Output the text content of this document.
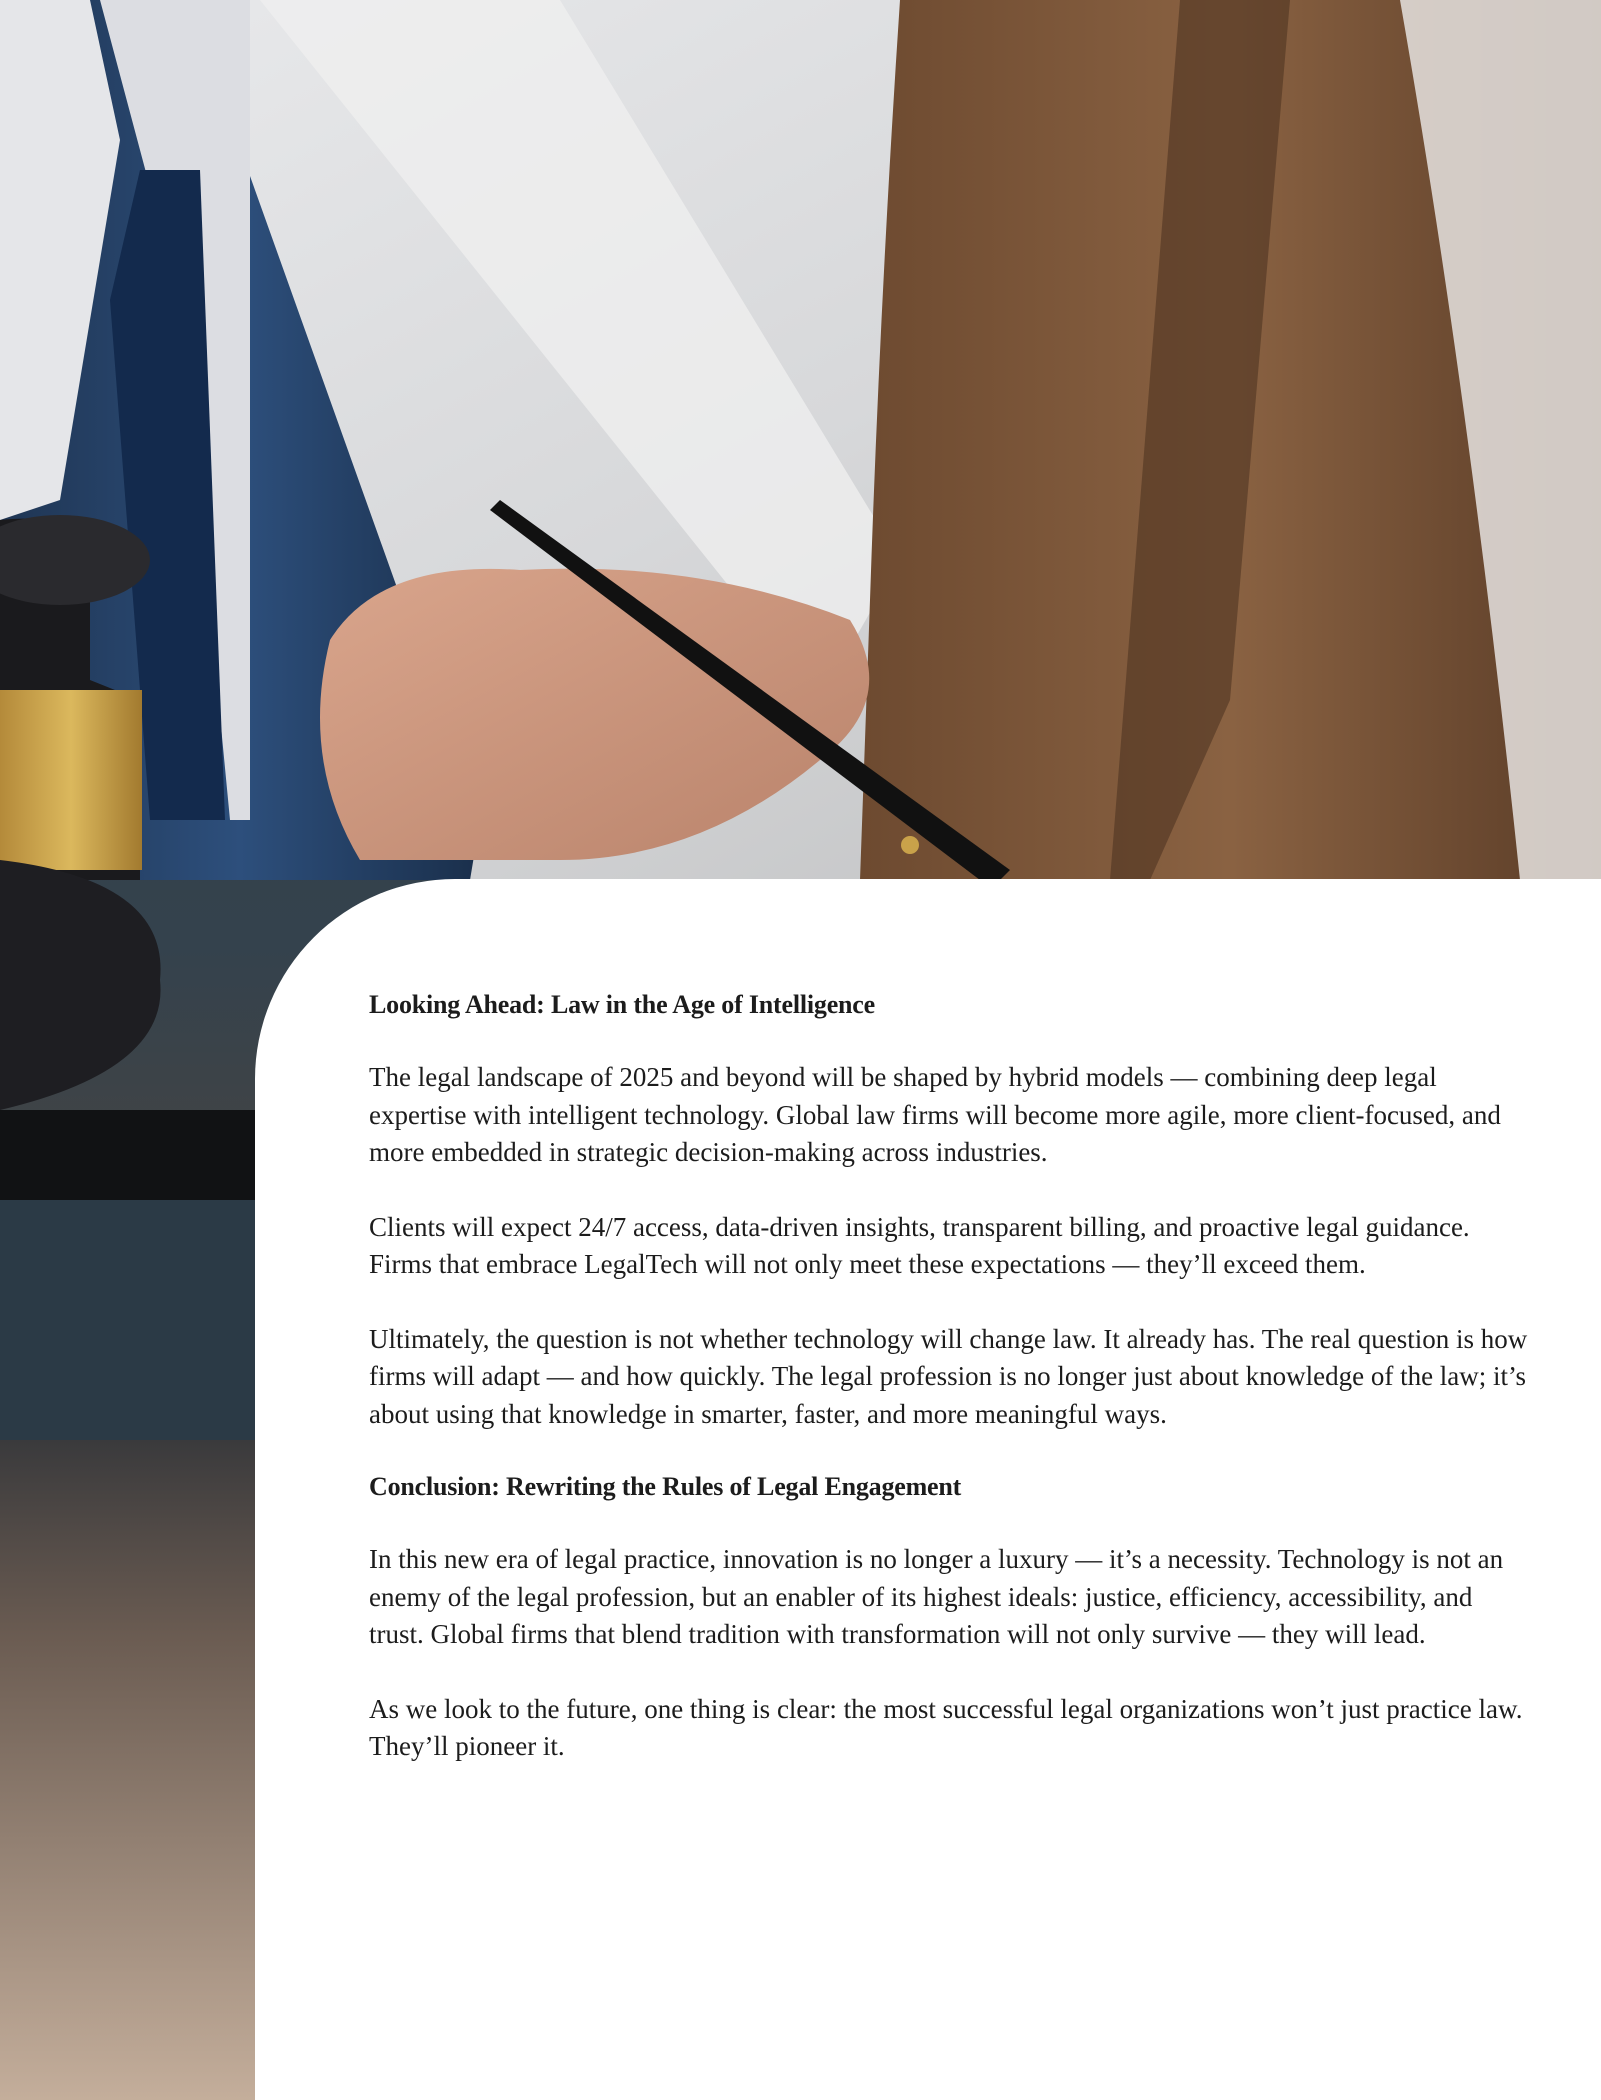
Looking Ahead: Law in the Age of Intelligence

The legal landscape of 2025 and beyond will be shaped by hybrid models — combining deep legal expertise with intelligent technology. Global law firms will become more agile, more client-focused, and more embedded in strategic decision-making across industries.

Clients will expect 24/7 access, data-driven insights, transparent billing, and proactive legal guidance. Firms that embrace LegalTech will not only meet these expectations — they’ll exceed them.

Ultimately, the question is not whether technology will change law. It already has. The real question is how firms will adapt — and how quickly. The legal profession is no longer just about knowledge of the law; it’s about using that knowledge in smarter, faster, and more meaningful ways.

Conclusion: Rewriting the Rules of Legal Engagement

In this new era of legal practice, innovation is no longer a luxury — it’s a necessity. Technology is not an enemy of the legal profession, but an enabler of its highest ideals: justice, efficiency, accessibility, and trust. Global firms that blend tradition with transformation will not only survive — they will lead.

As we look to the future, one thing is clear: the most successful legal organizations won’t just practice law. They’ll pioneer it.
